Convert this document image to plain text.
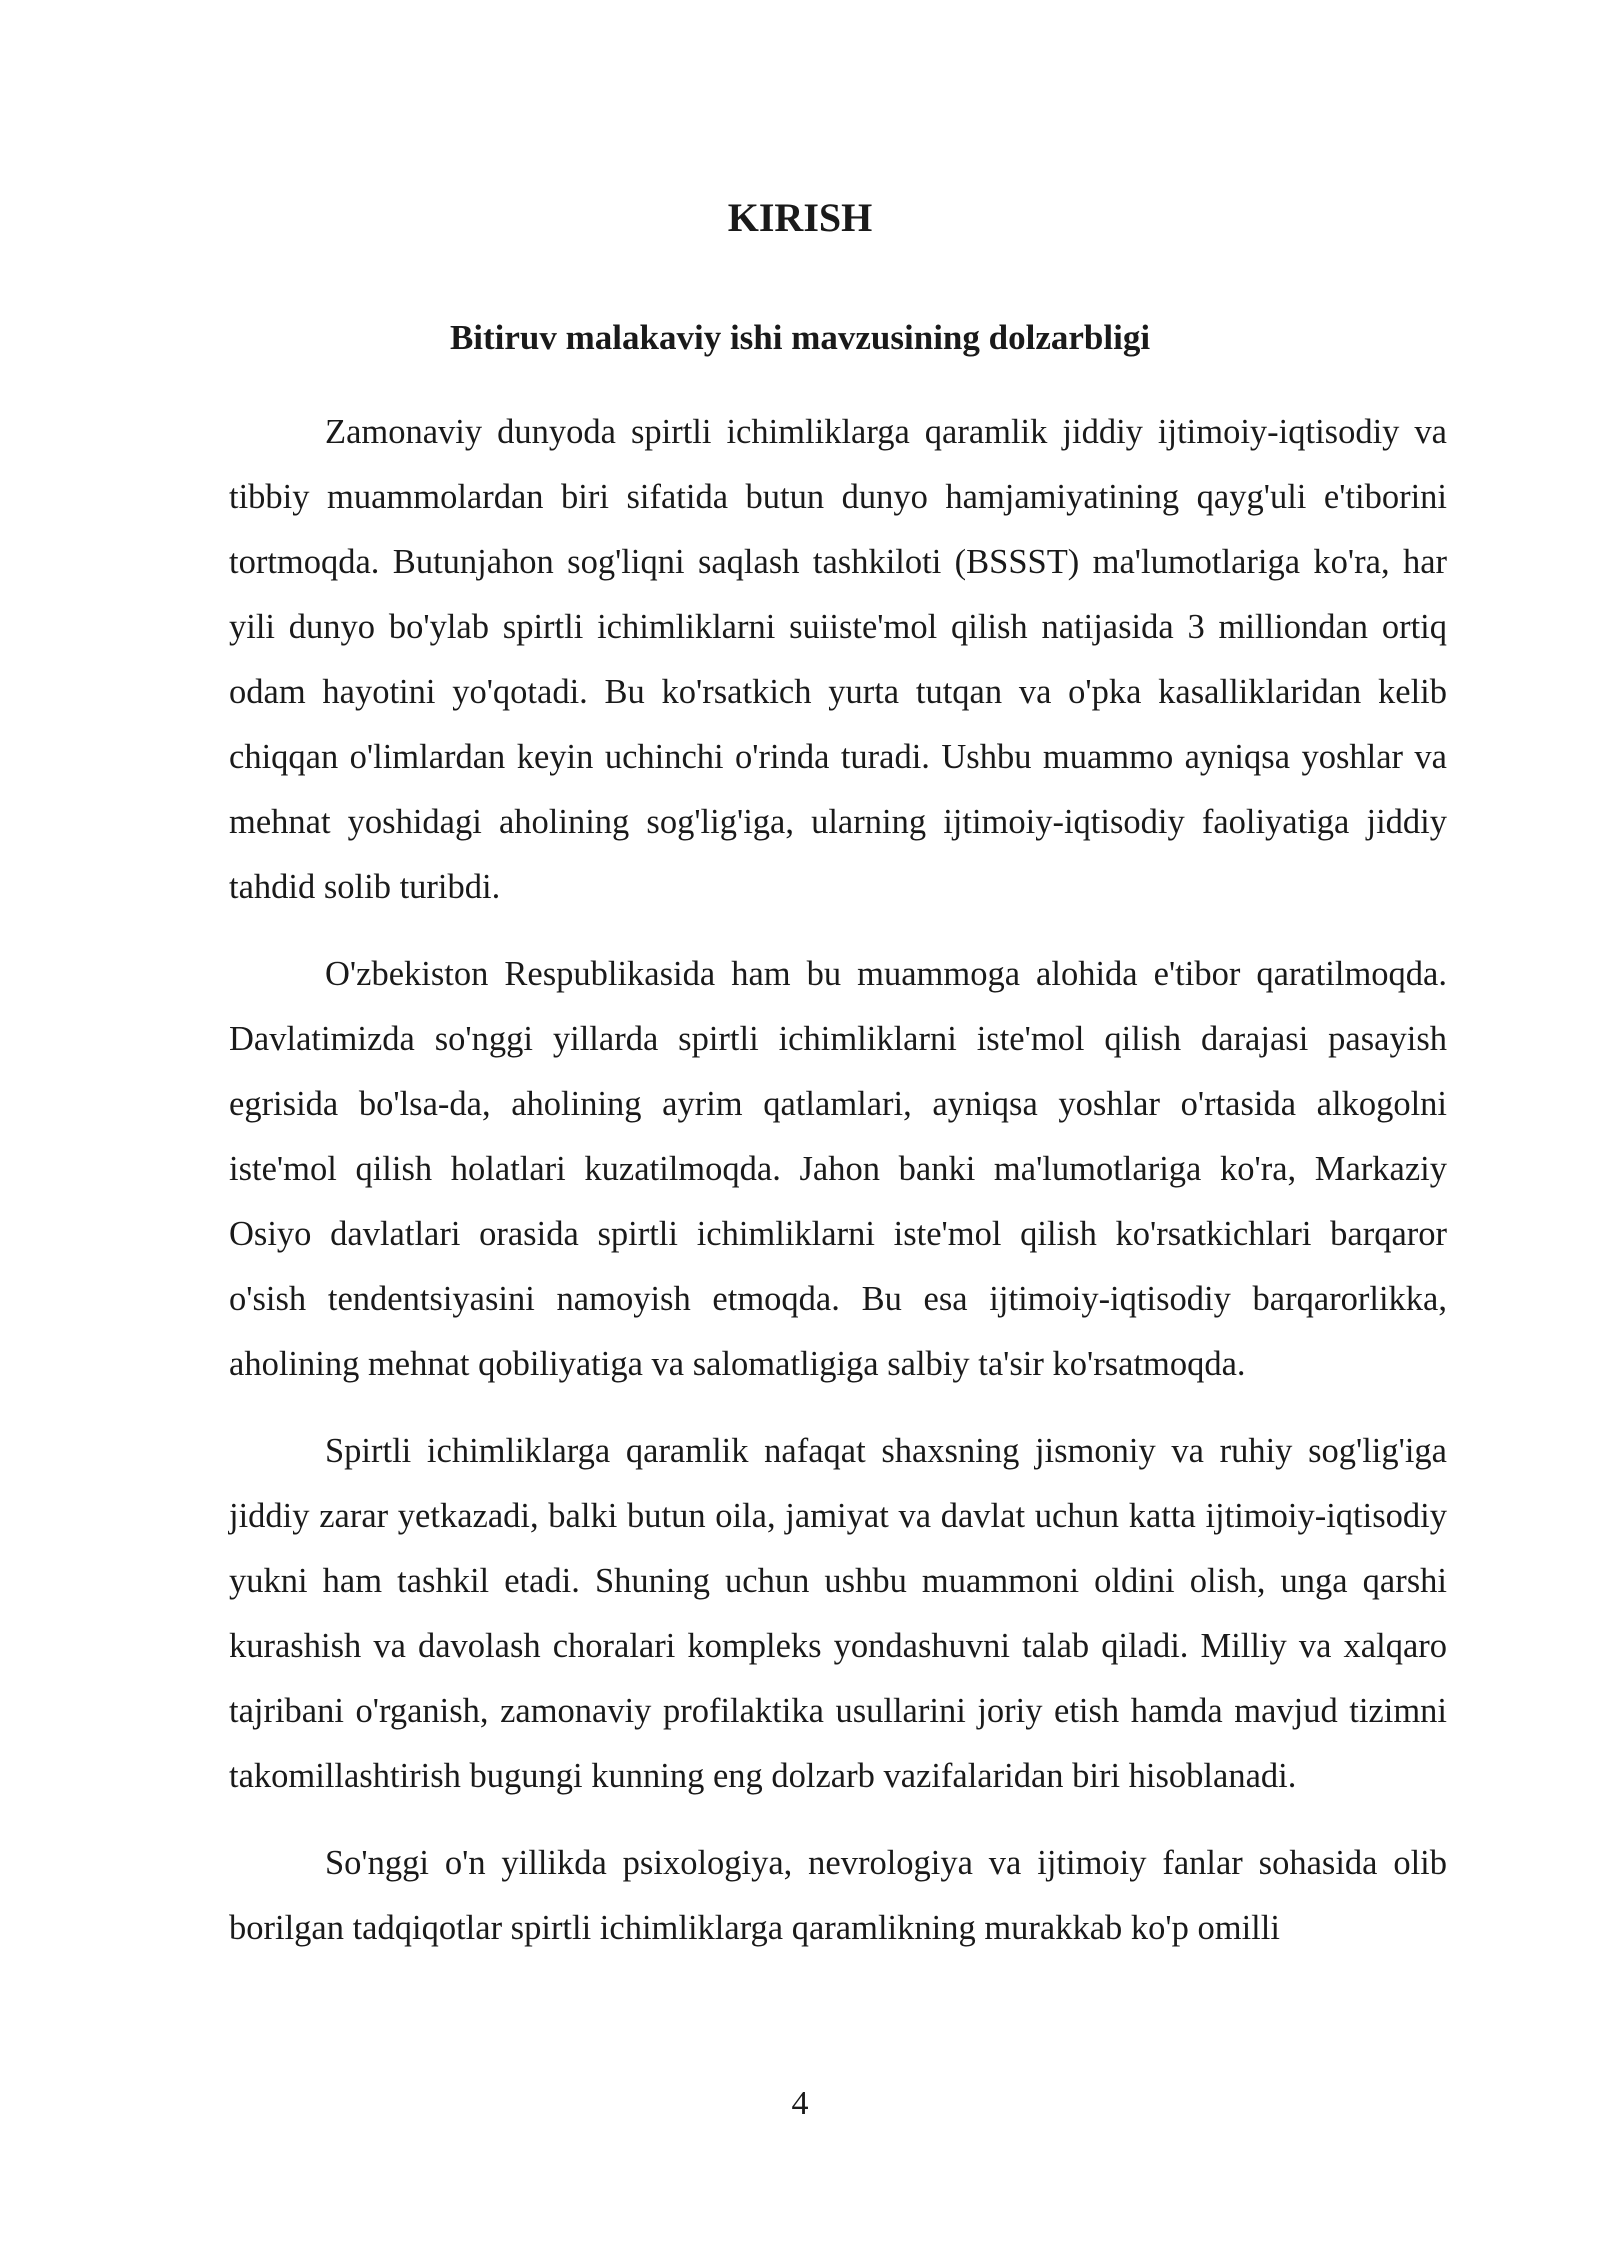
KIRISH
Bitiruv malakaviy ishi mavzusining dolzarbligi

Zamonaviy dunyoda spirtli ichimliklarga qaramlik jiddiy ijtimoiy-iqtisodiy va tibbiy muammolardan biri sifatida butun dunyo hamjamiyatining qayg'uli e'tiborini tortmoqda. Butunjahon sog'liqni saqlash tashkiloti (BSSST) ma'lumotlariga ko'ra, har yili dunyo bo'ylab spirtli ichimliklarni suiiste'mol qilish natijasida 3 milliondan ortiq odam hayotini yo'qotadi. Bu ko'rsatkich yurta tutqan va o'pka kasalliklaridan kelib chiqqan o'limlardan keyin uchinchi o'rinda turadi. Ushbu muammo ayniqsa yoshlar va mehnat yoshidagi aholining sog'lig'iga, ularning ijtimoiy-iqtisodiy faoliyatiga jiddiy tahdid solib turibdi.

O'zbekiston Respublikasida ham bu muammoga alohida e'tibor qaratilmoqda. Davlatimizda so'nggi yillarda spirtli ichimliklarni iste'mol qilish darajasi pasayish egrisida bo'lsa-da, aholining ayrim qatlamlari, ayniqsa yoshlar o'rtasida alkogolni iste'mol qilish holatlari kuzatilmoqda. Jahon banki ma'lumotlariga ko'ra, Markaziy Osiyo davlatlari orasida spirtli ichimliklarni iste'mol qilish ko'rsatkichlari barqaror o'sish tendentsiyasini namoyish etmoqda. Bu esa ijtimoiy-iqtisodiy barqarorlikka, aholining mehnat qobiliyatiga va salomatligiga salbiy ta'sir ko'rsatmoqda.

Spirtli ichimliklarga qaramlik nafaqat shaxsning jismoniy va ruhiy sog'lig'iga jiddiy zarar yetkazadi, balki butun oila, jamiyat va davlat uchun katta ijtimoiy-iqtisodiy yukni ham tashkil etadi. Shuning uchun ushbu muammoni oldini olish, unga qarshi kurashish va davolash choralari kompleks yondashuvni talab qiladi. Milliy va xalqaro tajribani o'rganish, zamonaviy profilaktika usullarini joriy etish hamda mavjud tizimni takomillashtirish bugungi kunning eng dolzarb vazifalaridan biri hisoblanadi.

So'nggi o'n yillikda psixologiya, nevrologiya va ijtimoiy fanlar sohasida olib borilgan tadqiqotlar spirtli ichimliklarga qaramlikning murakkab ko'p omilli

4
